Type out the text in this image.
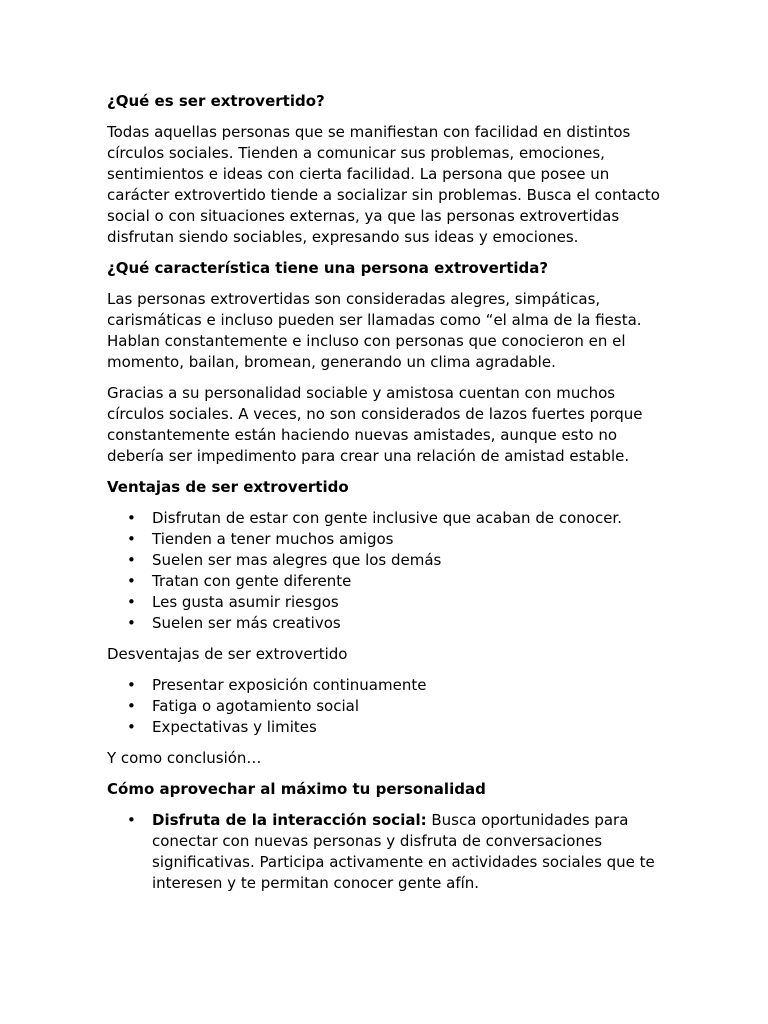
¿Qué es ser extrovertido?

Todas aquellas personas que se manifiestan con facilidad en distintos círculos sociales. Tienden a comunicar sus problemas, emociones, sentimientos e ideas con cierta facilidad. La persona que posee un carácter extrovertido tiende a socializar sin problemas. Busca el contacto social o con situaciones externas, ya que las personas extrovertidas disfrutan siendo sociables, expresando sus ideas y emociones.

¿Qué característica tiene una persona extrovertida?

Las personas extrovertidas son consideradas alegres, simpáticas, carismáticas e incluso pueden ser llamadas como “el alma de la fiesta. Hablan constantemente e incluso con personas que conocieron en el momento, bailan, bromean, generando un clima agradable.

Gracias a su personalidad sociable y amistosa cuentan con muchos círculos sociales. A veces, no son considerados de lazos fuertes porque constantemente están haciendo nuevas amistades, aunque esto no debería ser impedimento para crear una relación de amistad estable.

Ventajas de ser extrovertido
• Disfrutan de estar con gente inclusive que acaban de conocer.
• Tienden a tener muchos amigos
• Suelen ser mas alegres que los demás
• Tratan con gente diferente
• Les gusta asumir riesgos
• Suelen ser más creativos

Desventajas de ser extrovertido

• Presentar exposición continuamente
• Fatiga o agotamiento social
• Expectativas y limites

Y como conclusión…

Cómo aprovechar al máximo tu personalidad
• Disfruta de la interacción social: Busca oportunidades para conectar con nuevas personas y disfruta de conversaciones significativas. Participa activamente en actividades sociales que te interesen y te permitan conocer gente afín.
